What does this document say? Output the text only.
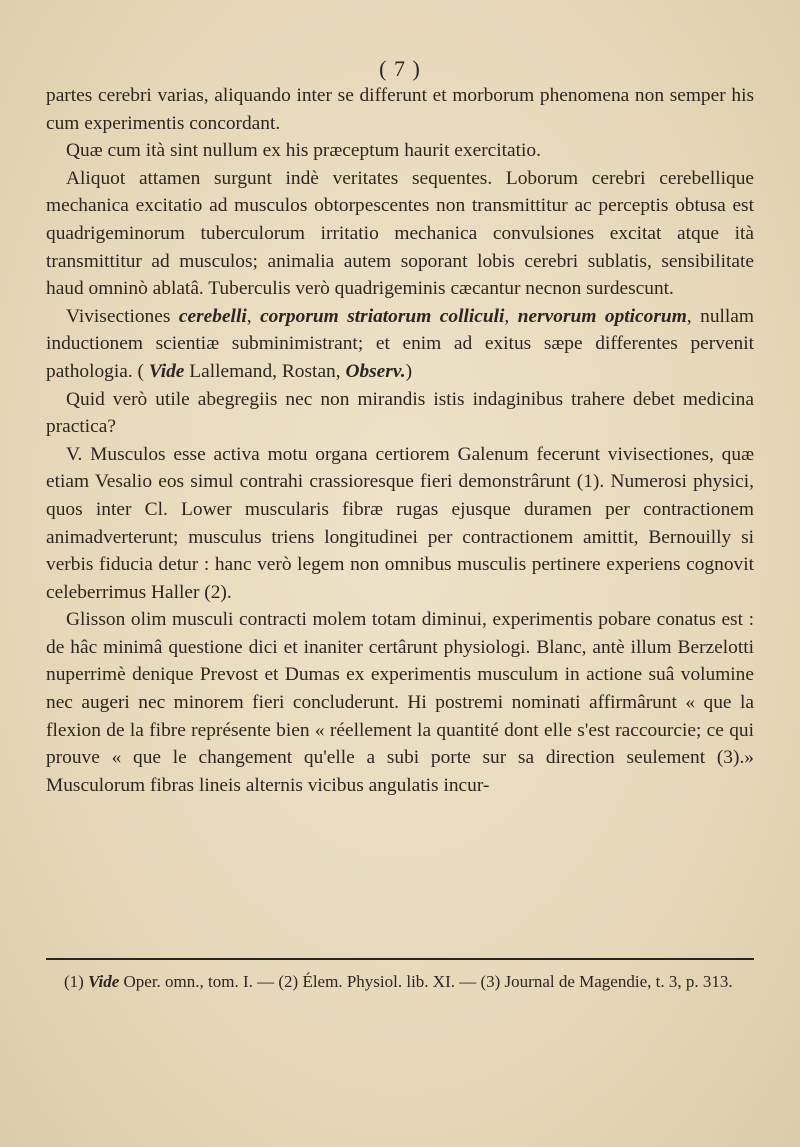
( 7 )

partes cerebri varias, aliquando inter se differunt et morborum phenomena non semper his cum experimentis concordant.

Quæ cum ità sint nullum ex his præceptum haurit exercitatio.

Aliquot attamen surgunt indè veritates sequentes. Loborum cerebri cerebellique mechanica excitatio ad musculos obtorpescentes non transmittitur ac perceptis obtusa est quadrigeminorum tuberculorum irritatio mechanica convulsiones excitat atque ità transmittitur ad musculos; animalia autem soporant lobis cerebri sublatis, sensibilitate haud omninò ablatâ. Tuberculis verò quadrigeminis cæcantur necnon surdescunt.

Vivisectiones cerebelli, corporum striatorum colliculi, nervorum opticorum, nullam inductionem scientiæ subminimistrant; et enim ad exitus sæpe differentes pervenit pathologia. ( Vide Lallemand, Rostan, Observ.)

Quid verò utile abegregiis nec non mirandis istis indaginibus trahere debet medicina practica?

V. Musculos esse activa motu organa certiorem Galenum fecerunt vivisectiones, quæ etiam Vesalio eos simul contrahi crassioresque fieri demonstrârunt (1). Numerosi physici, quos inter Cl. Lower muscularis fibræ rugas ejusque duramen per contractionem animadverterunt; musculus triens longitudinei per contractionem amittit, Bernouilly si verbis fiducia detur : hanc verò legem non omnibus musculis pertinere experiens cognovit celeberrimus Haller (2).

Glisson olim musculi contracti molem totam diminui, experimentis pobare conatus est : de hâc minimâ questione dici et inaniter certârunt physiologi. Blanc, antè illum Berzelotti nuperrimè denique Prevost et Dumas ex experimentis musculum in actione suâ volumine nec augeri nec minorem fieri concluderunt. Hi postremi nominati affirmârunt « que la flexion de la fibre représente bien « réellement la quantité dont elle s'est raccourcie; ce qui prouve « que le changement qu'elle a subi porte sur sa direction seulement (3).» Musculorum fibras lineis alternis vicibus angulatis incur-

(1) Vide Oper. omn., tom. I. — (2) Élem. Physiol. lib. XI. — (3) Journal de Magendie, t. 3, p. 313.
